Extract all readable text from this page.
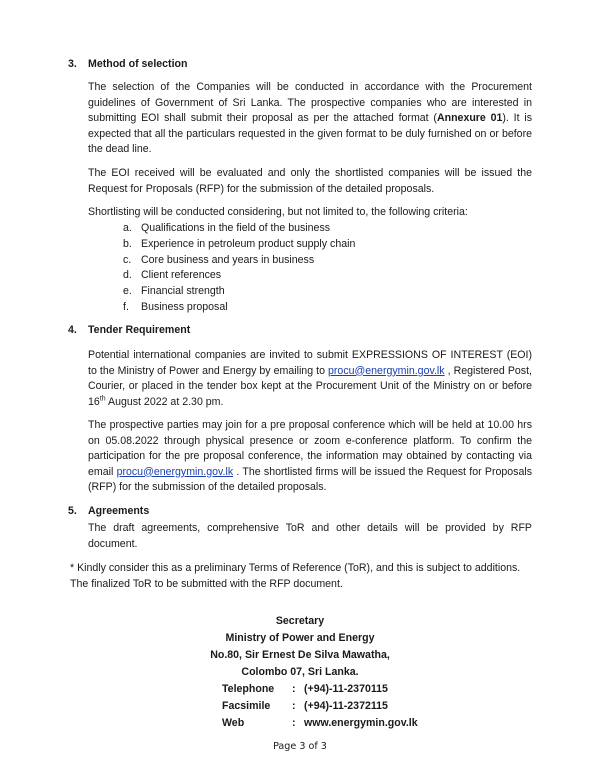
3. Method of selection
The selection of the Companies will be conducted in accordance with the Procurement guidelines of Government of Sri Lanka. The prospective companies who are interested in submitting EOI shall submit their proposal as per the attached format (Annexure 01). It is expected that all the particulars requested in the given format to be duly furnished on or before the dead line.
The EOI received will be evaluated and only the shortlisted companies will be issued the Request for Proposals (RFP) for the submission of the detailed proposals.
Shortlisting will be conducted considering, but not limited to, the following criteria:
a. Qualifications in the field of the business
b. Experience in petroleum product supply chain
c. Core business and years in business
d. Client references
e. Financial strength
f. Business proposal
4. Tender Requirement
Potential international companies are invited to submit EXPRESSIONS OF INTEREST (EOI) to the Ministry of Power and Energy by emailing to procu@energymin.gov.lk , Registered Post, Courier, or placed in the tender box kept at the Procurement Unit of the Ministry on or before 16th August 2022 at 2.30 pm.
The prospective parties may join for a pre proposal conference which will be held at 10.00 hrs on 05.08.2022 through physical presence or zoom e-conference platform. To confirm the participation for the pre proposal conference, the information may obtained by contacting via email procu@energymin.gov.lk . The shortlisted firms will be issued the Request for Proposals (RFP) for the submission of the detailed proposals.
5. Agreements
The draft agreements, comprehensive ToR and other details will be provided by RFP document.
* Kindly consider this as a preliminary Terms of Reference (ToR), and this is subject to additions. The finalized ToR to be submitted with the RFP document.
Secretary
Ministry of Power and Energy
No.80, Sir Ernest De Silva Mawatha,
Colombo 07, Sri Lanka.
Telephone : (+94)-11-2370115
Facsimile : (+94)-11-2372115
Web	: www.energymin.gov.lk
Page 3 of 3
